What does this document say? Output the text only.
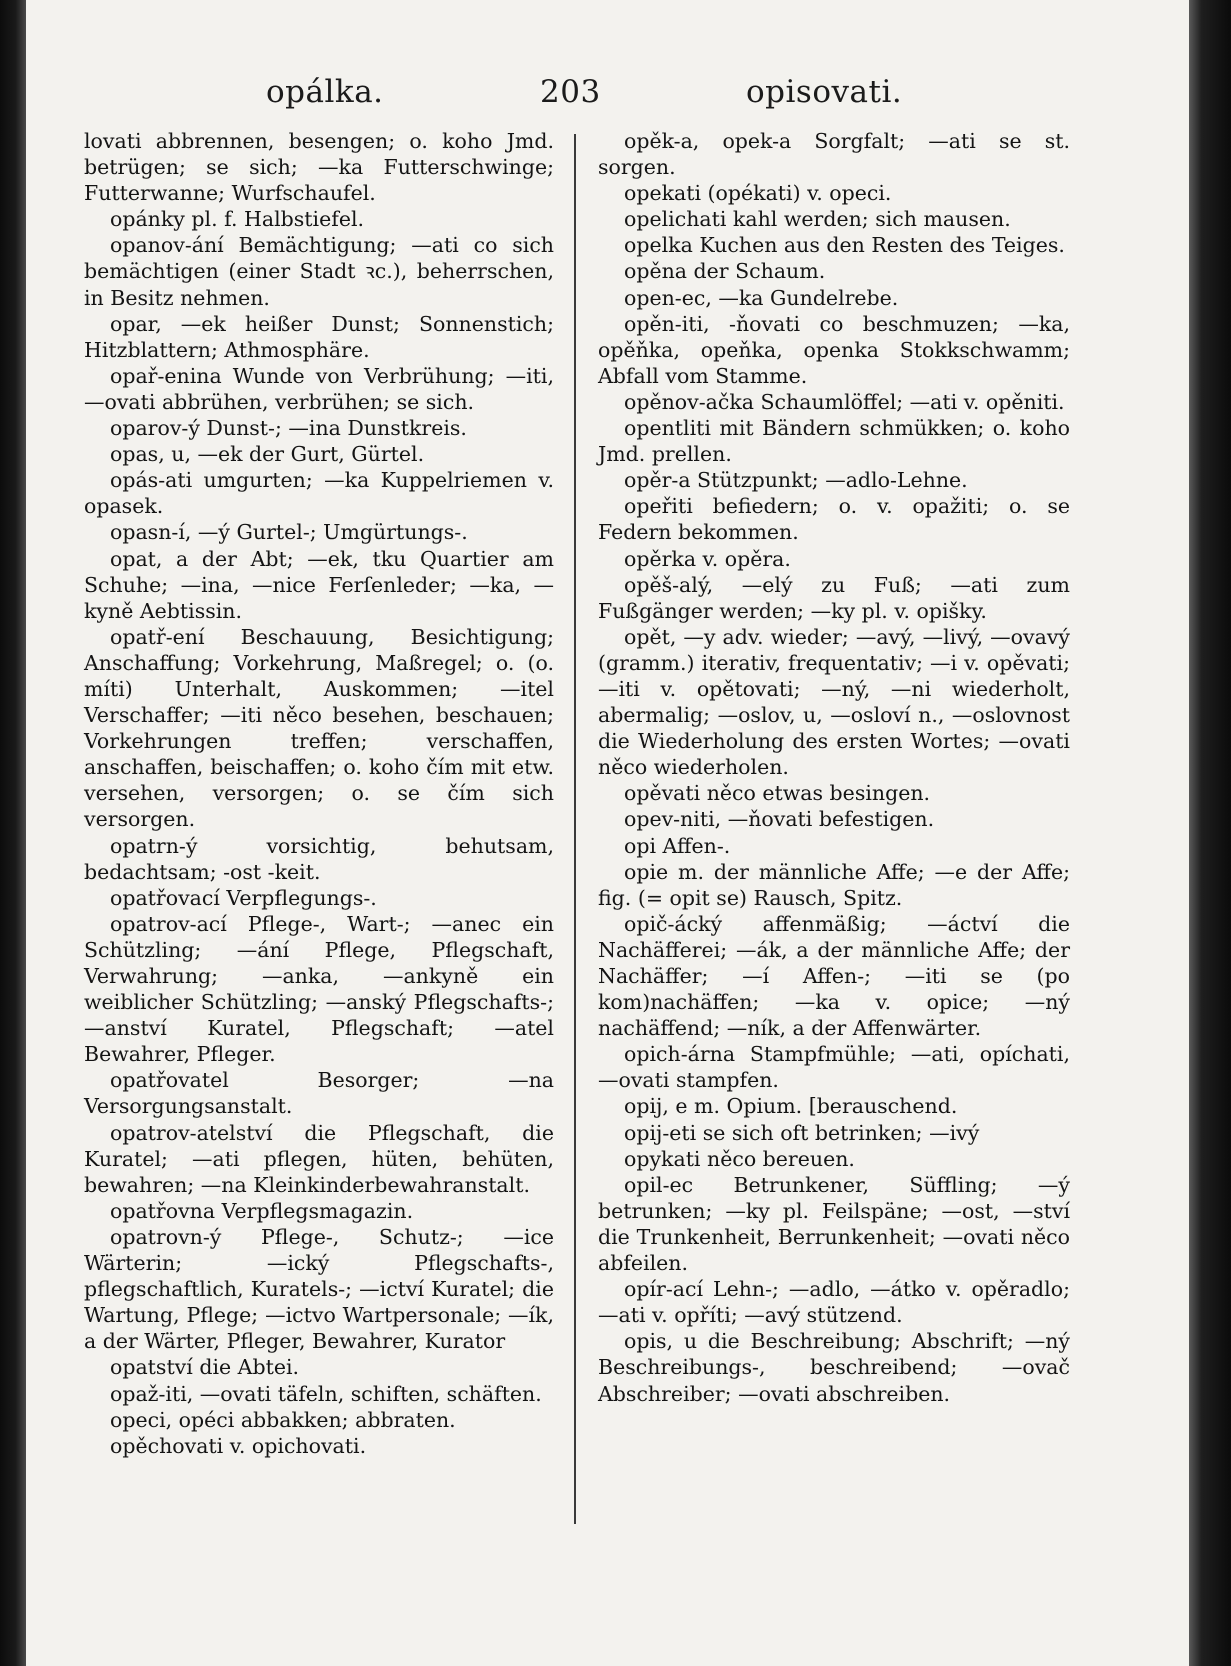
opálka.	203	opisovati.

lovati abbrennen, besengen; o. koho Jmd. betrügen; se sich; —ka Futterschwinge; Futterwanne; Wurfschaufel.

opánky pl. f. Halbstiefel.

opanov-ání Bemächtigung; —ati co sich bemächtigen (einer Stadt ꝛc.), beherrschen, in Besitz nehmen.

opar, —ek heißer Dunst; Sonnenstich; Hitzblattern; Athmosphäre.

opař-enina Wunde von Verbrühung; —iti, —ovati abbrühen, verbrühen; se sich.

oparov-ý Dunst-; —ina Dunstkreis.

opas, u, —ek der Gurt, Gürtel.

opás-ati umgurten; —ka Kuppelriemen v. opasek.

opasn-í, —ý Gurtel-; Umgürtungs-.

opat, a der Abt; —ek, tku Quartier am Schuhe; —ina, —nice Ferſenleder; —ka, —kyně Aebtissin.

opatř-ení Beschauung, Besichtigung; Anschaffung; Vorkehrung, Maßregel; o. (o. míti) Unterhalt, Auskommen; —itel Verschaffer; —iti něco besehen, beschauen; Vorkehrungen treffen; verschaffen, anschaffen, beischaffen; o. koho čím mit etw. versehen, versorgen; o. se čím sich versorgen.

opatrn-ý vorsichtig, behutsam, bedachtsam; -ost -keit.

opatřovací Verpflegungs-.

opatrov-ací Pflege-, Wart-; —anec ein Schützling; —ání Pflege, Pflegschaft, Verwahrung; —anka, —ankyně ein weiblicher Schützling; —anský Pflegschafts-; —anství Kuratel, Pflegschaft; —atel Bewahrer, Pfleger.

opatřovatel Besorger; —na Versorgungsanstalt.

opatrov-atelství die Pflegschaft, die Kuratel; —ati pflegen, hüten, behüten, bewahren; —na Kleinkinderbewahranstalt.

opatřovna Verpflegsmagazin.

opatrovn-ý Pflege-, Schutz-; —ice Wärterin; —ický Pflegschafts-, pflegschaftlich, Kuratels-; —ictví Kuratel; die Wartung, Pflege; —ictvo Wartpersonale; —ík, a der Wärter, Pfleger, Bewahrer, Kurator

opatství die Abtei.

opaž-iti, —ovati täfeln, schiften, schäften.

opeci, opéci abbakken; abbraten.

opěchovati v. opichovati.

opěk-a, opek-a Sorgfalt; —ati se st. sorgen.

opekati (opékati) v. opeci.

opelichati kahl werden; sich mausen.

opelka Kuchen aus den Resten des Teiges.

opěna der Schaum.

open-ec, —ka Gundelrebe.

opěn-iti, -ňovati co beschmuzen; —ka, opěňka, opeňka, openka Stokkschwamm; Abfall vom Stamme.

opěnov-ačka Schaumlöffel; —ati v. opěniti.

opentliti mit Bändern schmükken; o. koho Jmd. prellen.

opěr-a Stützpunkt; —adlo-Lehne.

opeřiti befiedern; o. v. opažiti; o. se Federn bekommen.

opěrka v. opěra.

opěš-alý, —elý zu Fuß; —ati zum Fußgänger werden; —ky pl. v. opišky.

opět, —y adv. wieder; —avý, —livý, —ovavý (gramm.) iterativ, frequentativ; —i v. opěvati; —iti v. opětovati; —ný, —ni wiederholt, abermalig; —oslov, u, —osloví n., —oslovnost die Wiederholung des ersten Wortes; —ovati něco wiederholen.

opěvati něco etwas besingen.

opev-niti, —ňovati befestigen.

opi Affen-.

opie m. der männliche Affe; —e der Affe; fig. (= opit se) Rausch, Spitz.

opič-ácký affenmäßig; —áctví die Nachäfferei; —ák, a der männliche Affe; der Nachäffer; —í Affen-; —iti se (po kom)nachäffen; —ka v. opice; —ný nachäffend; —ník, a der Affenwärter.

opich-árna Stampfmühle; —ati, opíchati, —ovati stampfen.

opij, e m. Opium. [berauschend.

opij-eti se sich oft betrinken; —ivý

opykati něco bereuen.

opil-ec Betrunkener, Süffling; —ý betrunken; —ky pl. Feilspäne; —ost, —ství die Trunkenheit, Berrunkenheit; —ovati něco abfeilen.

opír-ací Lehn-; —adlo, —átko v. opěradlo; —ati v. opříti; —avý stützend.

opis, u die Beschreibung; Abschrift; —ný Beschreibungs-, beschreibend; —ovač Abschreiber; —ovati abschreiben.
